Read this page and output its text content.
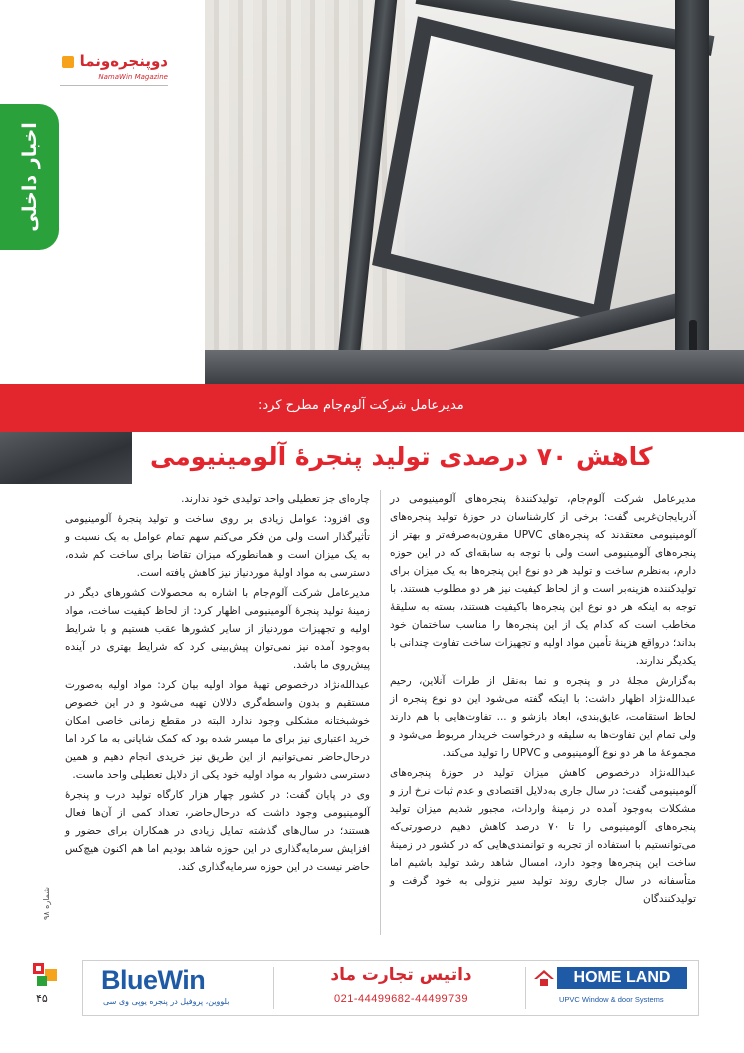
دوپنجره‌ونما
NamaWin Magazine
اخبار داخلی
مدیرعامل شرکت آلوم‌جام مطرح کرد:
کاهش ۷۰ درصدی تولید پنجرۀ آلومینیومی

مدیرعامل شرکت آلوم‌جام، تولیدکنندۀ پنجره‌های آلومینیومی در آذربایجان‌غربی گفت: برخی از کارشناسان در حوزۀ تولید پنجره‌های آلومینیومی معتقدند که پنجره‌های UPVC مقرون‌به‌صرفه‌تر و بهتر از پنجره‌های آلومینیومی است ولی با توجه به سابقه‌ای که در این حوزه دارم، به‌نظرم ساخت و تولید هر دو نوع این پنجره‌ها به یک میزان برای تولیدکننده هزینه‌بر است و از لحاظ کیفیت نیز هر دو مطلوب هستند. با توجه به اینکه هر دو نوع این پنجره‌ها باکیفیت هستند، بسته به سلیقۀ مخاطب است که کدام یک از این پنجره‌ها را مناسب ساختمان خود بداند؛ درواقع هزینۀ تأمین مواد اولیه و تجهیزات ساخت تفاوت چندانی با یکدیگر ندارند.

به‌گزارش مجلۀ در و پنجره و نما به‌نقل از طرات آنلاین، رحیم عبدالله‌نژاد اظهار داشت: با اینکه گفته می‌شود این دو نوع پنجره از لحاظ استقامت، عایق‌بندی، ابعاد بازشو و ... تفاوت‌هایی با هم دارند ولی تمام این تفاوت‌ها به سلیقه و درخواست خریدار مربوط می‌شود و مجموعۀ ما هر دو نوع آلومینیومی و UPVC را تولید می‌کند.

عبدالله‌نژاد درخصوص کاهش میزان تولید در حوزۀ پنجره‌های آلومینیومی گفت: در سال جاری به‌دلایل اقتصادی و عدم ثبات نرخ ارز و مشکلات به‌وجود آمده در زمینۀ واردات، مجبور شدیم میزان تولید پنجره‌های آلومینیومی را تا ۷۰ درصد کاهش دهیم درصورتی‌که می‌توانستیم با استفاده از تجربه و توانمندی‌هایی که در کشور در زمینۀ ساخت این پنجره‌ها وجود دارد، امسال شاهد رشد تولید باشیم اما متأسفانه در سال جاری روند تولید سیر نزولی به خود گرفت و تولیدکنندگان

چاره‌ای جز تعطیلی واحد تولیدی خود ندارند.

وی افزود: عوامل زیادی بر روی ساخت و تولید پنجرۀ آلومینیومی تأثیرگذار است ولی من فکر می‌کنم سهم تمام عوامل به یک نسبت و به یک میزان است و همانطورکه میزان تقاضا برای ساخت کم شده، دسترسی به مواد اولیۀ موردنیاز نیز کاهش یافته است.

مدیرعامل شرکت آلوم‌جام با اشاره به محصولات کشورهای دیگر در زمینۀ تولید پنجرۀ آلومینیومی اظهار کرد: از لحاظ کیفیت ساخت، مواد اولیه و تجهیزات موردنیاز از سایر کشورها عقب هستیم و با شرایط به‌وجود آمده نیز نمی‌توان پیش‌بینی کرد که شرایط بهتری در آینده پیش‌روی ما باشد.

عبدالله‌نژاد درخصوص تهیۀ مواد اولیه بیان کرد: مواد اولیه به‌صورت مستقیم و بدون واسطه‌گری دلالان تهیه می‌شود و در این خصوص خوشبختانه مشکلی وجود ندارد البته در مقطع زمانی خاصی امکان خرید اعتباری نیز برای ما میسر شده بود که کمک شایانی به ما کرد اما درحال‌حاضر نمی‌توانیم از این طریق نیز خریدی انجام دهیم و همین دسترسی دشوار به مواد اولیه خود یکی از دلایل تعطیلی واحد ماست.

وی در پایان گفت: در کشور چهار هزار کارگاه تولید درب و پنجرۀ آلومینیومی وجود داشت که درحال‌حاضر، تعداد کمی از آن‌ها فعال هستند؛ در سال‌های گذشته تمایل زیادی در همکاران برای حضور و افزایش سرمایه‌گذاری در این حوزه شاهد بودیم اما هم اکنون هیچ‌کس حاضر نیست در این حوزه سرمایه‌گذاری کند.

شماره ۹۸
۴۵
BlueWin
بلووین، پروفیل در پنجره یوپی وی سی
داتیس تجارت ماد
021-44499682-44499739
HOME LAND
UPVC Window & door Systems
